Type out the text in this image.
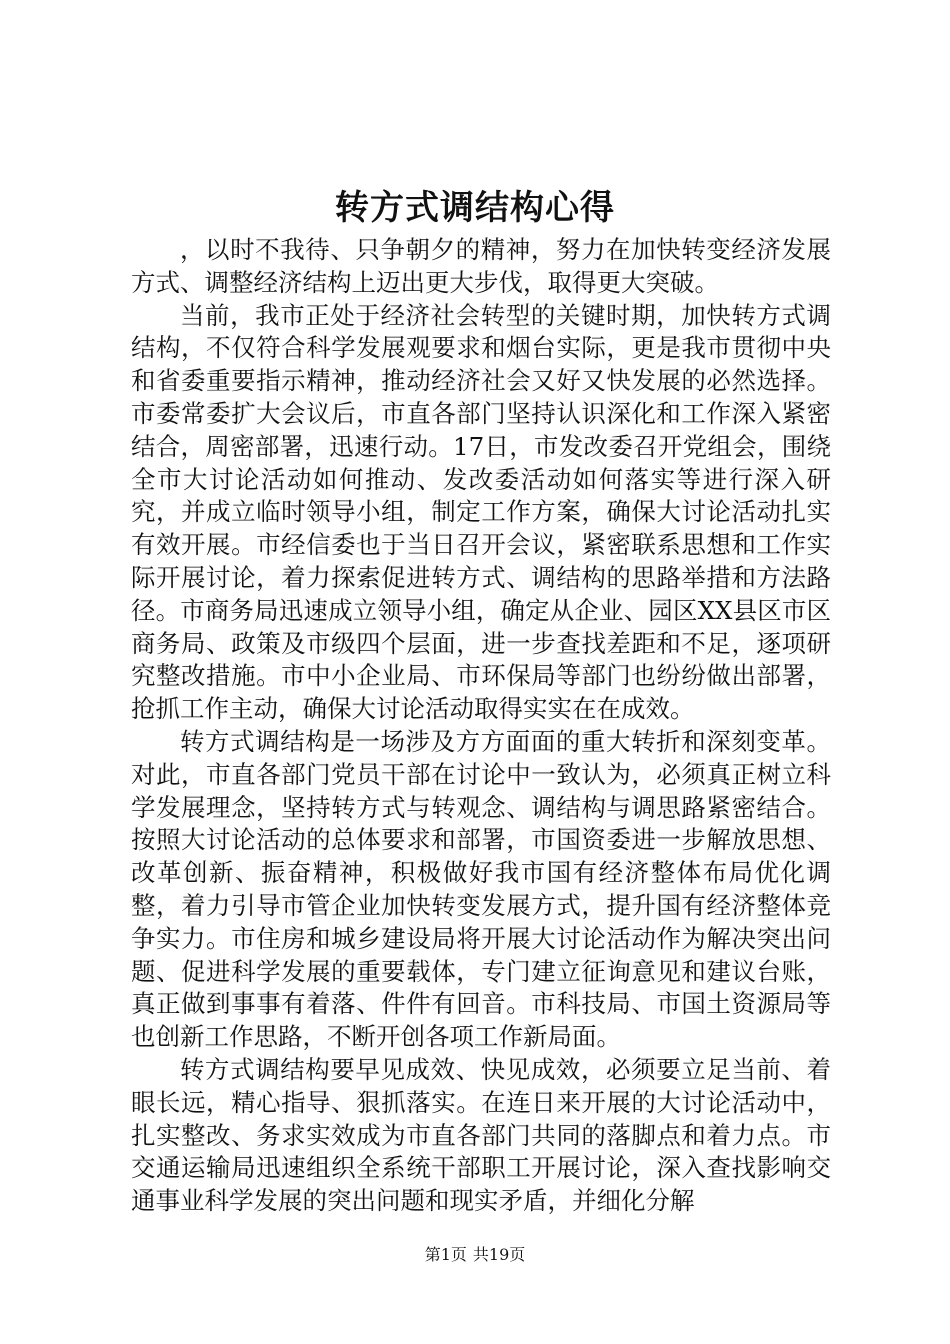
转方式调结构心得

，以时不我待、只争朝夕的精神，努力在加快转变经济发展方式、调整经济结构上迈出更大步伐，取得更大突破。

当前，我市正处于经济社会转型的关键时期，加快转方式调结构，不仅符合科学发展观要求和烟台实际，更是我市贯彻中央和省委重要指示精神，推动经济社会又好又快发展的必然选择。市委常委扩大会议后，市直各部门坚持认识深化和工作深入紧密结合，周密部署，迅速行动。17日，市发改委召开党组会，围绕全市大讨论活动如何推动、发改委活动如何落实等进行深入研究，并成立临时领导小组，制定工作方案，确保大讨论活动扎实有效开展。市经信委也于当日召开会议，紧密联系思想和工作实际开展讨论，着力探索促进转方式、调结构的思路举措和方法路径。市商务局迅速成立领导小组，确定从企业、园区XX县区市区商务局、政策及市级四个层面，进一步查找差距和不足，逐项研究整改措施。市中小企业局、市环保局等部门也纷纷做出部署，抢抓工作主动，确保大讨论活动取得实实在在成效。

转方式调结构是一场涉及方方面面的重大转折和深刻变革。对此，市直各部门党员干部在讨论中一致认为，必须真正树立科学发展理念，坚持转方式与转观念、调结构与调思路紧密结合。按照大讨论活动的总体要求和部署，市国资委进一步解放思想、改革创新、振奋精神，积极做好我市国有经济整体布局优化调整，着力引导市管企业加快转变发展方式，提升国有经济整体竞争实力。市住房和城乡建设局将开展大讨论活动作为解决突出问题、促进科学发展的重要载体，专门建立征询意见和建议台账，真正做到事事有着落、件件有回音。市科技局、市国土资源局等也创新工作思路，不断开创各项工作新局面。

转方式调结构要早见成效、快见成效，必须要立足当前、着眼长远，精心指导、狠抓落实。在连日来开展的大讨论活动中，扎实整改、务求实效成为市直各部门共同的落脚点和着力点。市交通运输局迅速组织全系统干部职工开展讨论，深入查找影响交通事业科学发展的突出问题和现实矛盾，并细化分解

第1页 共19页
